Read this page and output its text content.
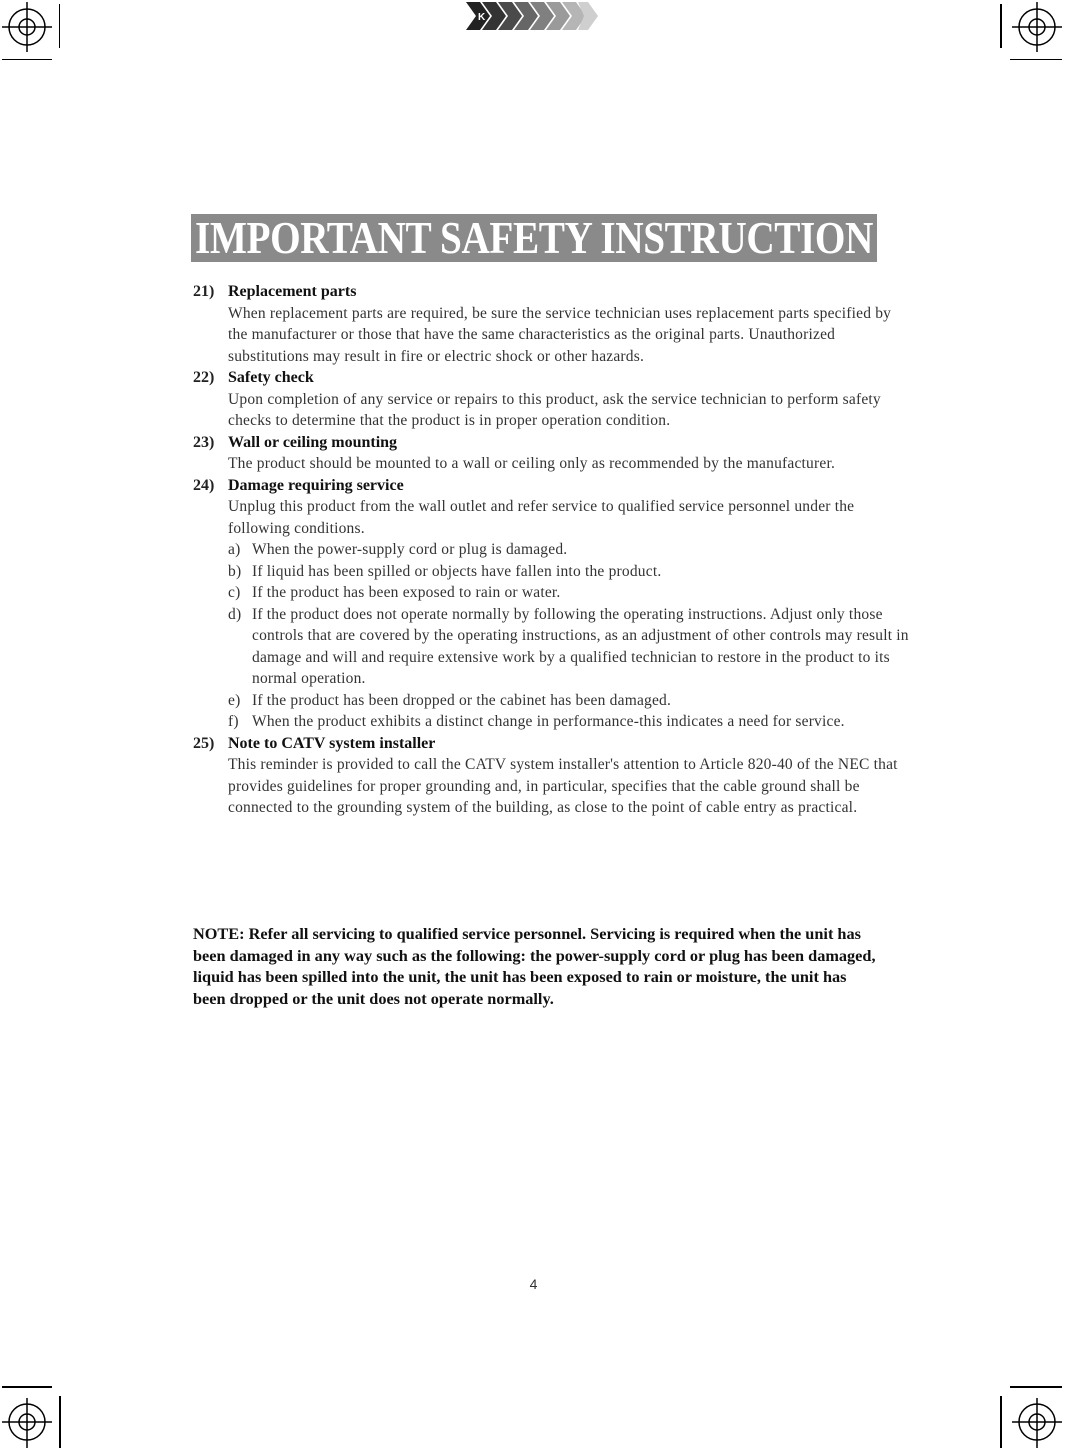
K
IMPORTANT SAFETY INSTRUCTION
21) Replacement parts
When replacement parts are required, be sure the service technician uses replacement parts specified by the manufacturer or those that have the same characteristics as the original parts. Unauthorized substitutions may result in fire or electric shock or other hazards.
22) Safety check
Upon completion of any service or repairs to this product, ask the service technician to perform safety checks to determine that the product is in proper operation condition.
23) Wall or ceiling mounting
The product should be mounted to a wall or ceiling only as recommended by the manufacturer.
24) Damage requiring service
Unplug this product from the wall outlet and refer service to qualified service personnel under the following conditions.
a) When the power-supply cord or plug is damaged.
b) If liquid has been spilled or objects have fallen into the product.
c) If the product has been exposed to rain or water.
d) If the product does not operate normally by following the operating instructions. Adjust only those controls that are covered by the operating instructions, as an adjustment of other controls may result in damage and will and require extensive work by a qualified technician to restore in the product to its normal operation.
e) If the product has been dropped or the cabinet has been damaged.
f) When the product exhibits a distinct change in performance-this indicates a need for service.
25) Note to CATV system installer
This reminder is provided to call the CATV system installer's attention to Article 820-40 of the NEC that provides guidelines for proper grounding and, in particular, specifies that the cable ground shall be connected to the grounding system of the building, as close to the point of cable entry as practical.
NOTE: Refer all servicing to qualified service personnel. Servicing is required when the unit has been damaged in any way such as the following: the power-supply cord or plug has been damaged, liquid has been spilled into the unit, the unit has been exposed to rain or moisture, the unit has been dropped or the unit does not operate normally.
4
